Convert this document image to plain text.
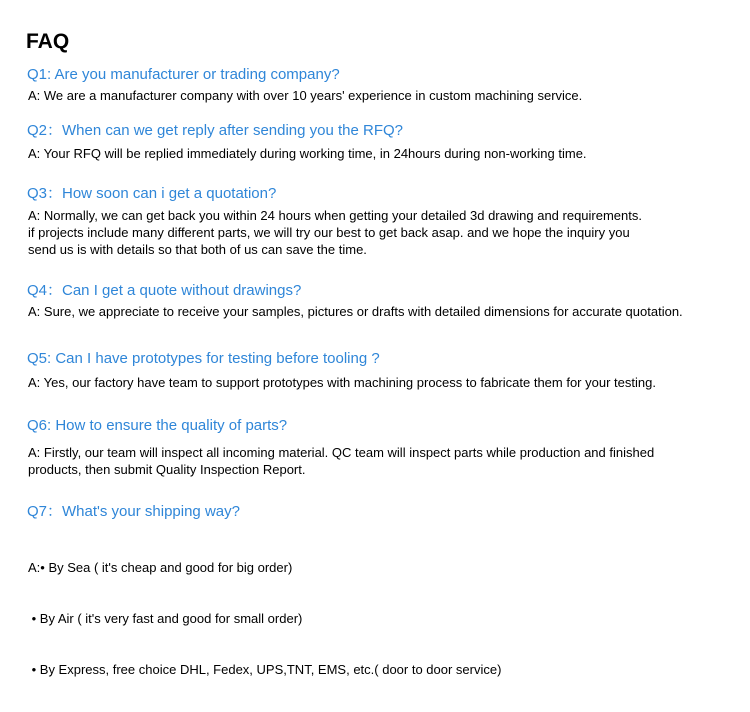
FAQ
Q1: Are you manufacturer or trading company?
A: We are a manufacturer company with over 10 years' experience in custom machining service.
Q2：When can we get reply after sending you the RFQ?
A: Your RFQ will be replied immediately during working time, in 24hours during non-working time.
Q3：How soon can i get a quotation?
A: Normally, we can get back you within 24 hours when getting your detailed 3d drawing and requirements.
if projects include many different parts, we will try our best to get back asap. and we hope the inquiry you
send us is with details so that both of us can save the time.
Q4：Can I get a quote without drawings?
A: Sure, we appreciate to receive your samples, pictures or drafts with detailed dimensions for accurate quotation.
Q5: Can I have prototypes for testing before tooling ?
A: Yes, our factory have team to support prototypes with machining process to fabricate them for your testing.
Q6: How to ensure the quality of parts?
A: Firstly, our team will inspect all incoming material. QC team will inspect parts while production and finished
products, then submit Quality Inspection Report.
Q7：What's your shipping way?

A:• By Sea ( it's cheap and good for big order)

• By Air ( it's very fast and good for small order)

• By Express, free choice DHL, Fedex, UPS,TNT, EMS, etc.( door to door service)
